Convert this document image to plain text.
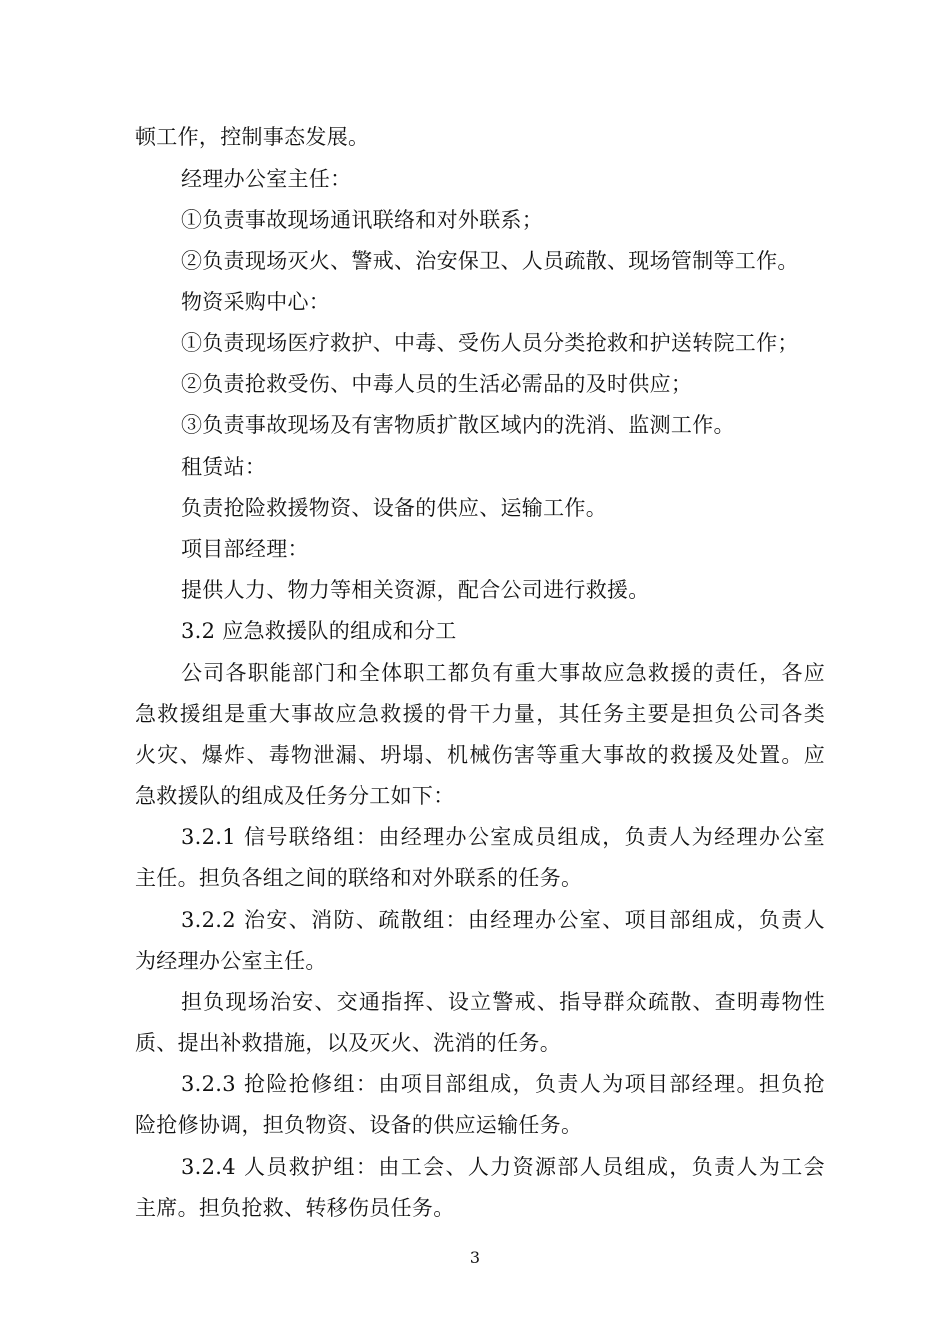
顿工作，控制事态发展。
经理办公室主任：
①负责事故现场通讯联络和对外联系；
②负责现场灭火、警戒、治安保卫、人员疏散、现场管制等工作。
物资采购中心：
①负责现场医疗救护、中毒、受伤人员分类抢救和护送转院工作；
②负责抢救受伤、中毒人员的生活必需品的及时供应；
③负责事故现场及有害物质扩散区域内的洗消、监测工作。
租赁站：
负责抢险救援物资、设备的供应、运输工作。
项目部经理：
提供人力、物力等相关资源，配合公司进行救援。
3.2 应急救援队的组成和分工
公司各职能部门和全体职工都负有重大事故应急救援的责任，各应
急救援组是重大事故应急救援的骨干力量，其任务主要是担负公司各类
火灾、爆炸、毒物泄漏、坍塌、机械伤害等重大事故的救援及处置。应
急救援队的组成及任务分工如下：
3.2.1 信号联络组：由经理办公室成员组成，负责人为经理办公室
主任。担负各组之间的联络和对外联系的任务。
3.2.2 治安、消防、疏散组：由经理办公室、项目部组成，负责人
为经理办公室主任。
担负现场治安、交通指挥、设立警戒、指导群众疏散、查明毒物性
质、提出补救措施，以及灭火、洗消的任务。
3.2.3 抢险抢修组：由项目部组成，负责人为项目部经理。担负抢
险抢修协调，担负物资、设备的供应运输任务。
3.2.4 人员救护组：由工会、人力资源部人员组成，负责人为工会
主席。担负抢救、转移伤员任务。
3
